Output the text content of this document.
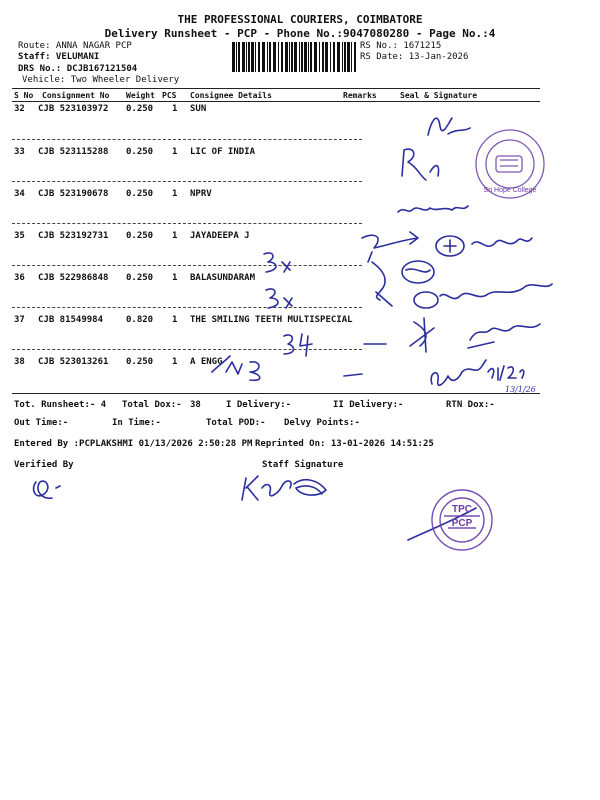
THE PROFESSIONAL COURIERS, COIMBATORE
Delivery Runsheet - PCP - Phone No.:9047080280 - Page No.:4
Route: ANNA NAGAR PCP
Staff: VELUMANI
DRS No.: DCJB167121504
Vehicle: Two Wheeler Delivery
RS No.: 1671215
RS Date: 13-Jan-2026
S No Consignment No Weight PCS Consignee Details	Remarks	Seal & Signature
32 CJB 523103972 0.250 1 SUN
33 CJB 523115288 0.250 1 LIC OF INDIA
34 CJB 523190678 0.250 1 NPRV
35 CJB 523192731 0.250 1 JAYADEEPA J
36 CJB 522986848 0.250 1 BALASUNDARAM
37 CJB 81549984	0.820 1 THE SMILING TEETH MULTISPECIAL
38 CJB 523013261 0.250 1 A ENGG
Tot. Runsheet:- 4 Total Dox:- 38	I Delivery:-	II Delivery:-	RTN Dox:-
Out Time:-	In Time:-	Total POD:- Delvy Points:-
Entered By :PCPLAKSHMI 01/13/2026 2:50:28 PM Reprinted On: 13-01-2026 14:51:25
Verified By	Staff Signature
Sri Hope College
TPC
PCP
13/1/26
